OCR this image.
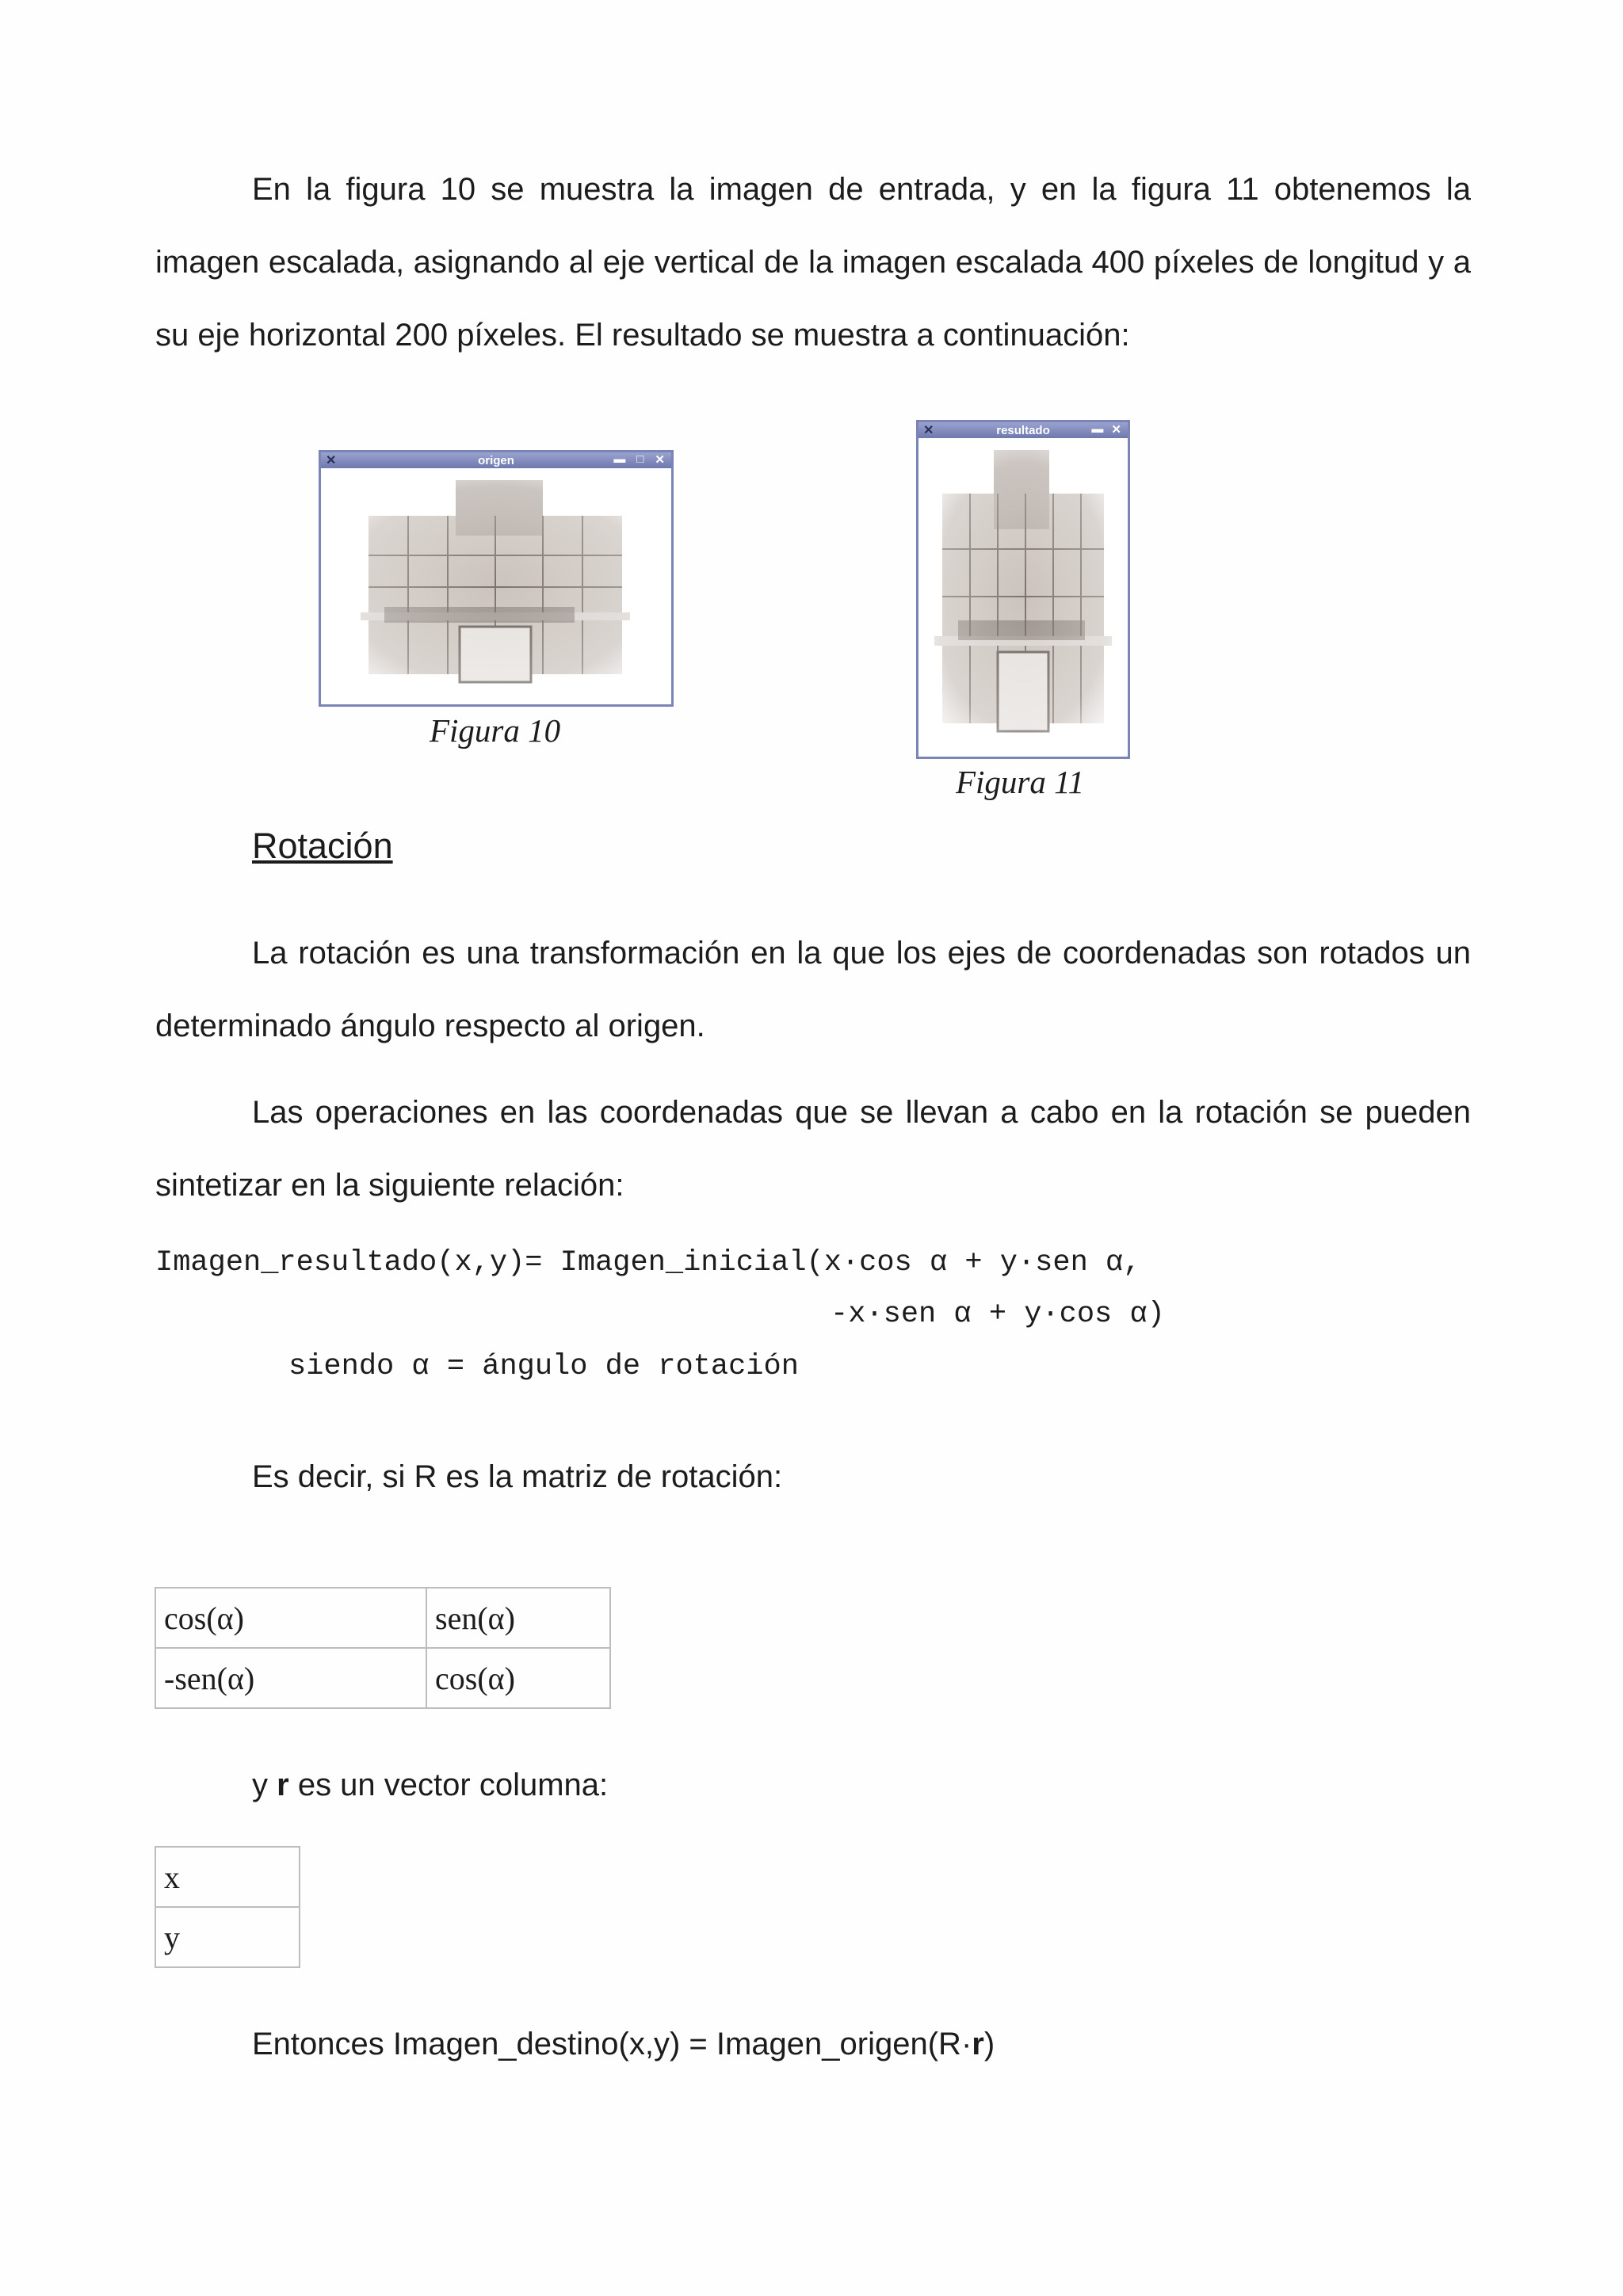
En la figura 10 se muestra la imagen de entrada, y en la figura 11 obtenemos la imagen escalada, asignando al eje vertical de la imagen escalada 400 píxeles de longitud y a su eje horizontal 200 píxeles. El resultado se muestra a continuación:

✕	origen	▬ □ ✕
Figura 10
✕	resultado	▬ ✕
Figura 11
Rotación

La rotación es una transformación en la que los ejes de coordenadas son rotados un determinado ángulo respecto al origen.

Las operaciones en las coordenadas que se llevan a cabo en la rotación se pueden sintetizar en la siguiente relación:

Imagen_resultado(x,y)= Imagen_inicial(x·cos α + y·sen α,
-x·sen α + y·cos α)
siendo α = ángulo de rotación

Es decir, si R es la matriz de rotación:

cos(α)	sen(α)
-sen(α)	cos(α)

y r es un vector columna:

x
y

Entonces Imagen_destino(x,y) = Imagen_origen(R·r)
